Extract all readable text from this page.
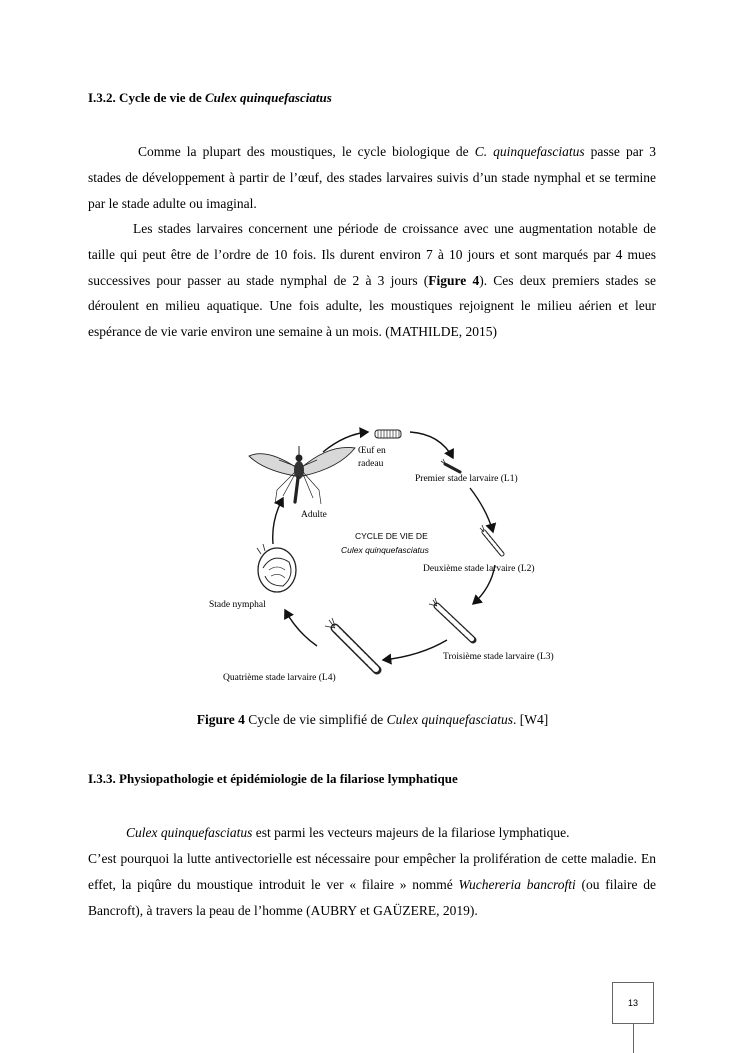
I.3.2. Cycle de vie de Culex quinquefasciatus

Comme la plupart des moustiques, le cycle biologique de C. quinquefasciatus passe par 3 stades de développement à partir de l’œuf, des stades larvaires suivis d’un stade nymphal et se termine par le stade adulte ou imaginal.

Les stades larvaires concernent une période de croissance avec une augmentation notable de taille qui peut être de l’ordre de 10 fois. Ils durent environ 7 à 10 jours et sont marqués par 4 mues successives pour passer au stade nymphal de 2 à 3 jours (Figure 4). Ces deux premiers stades se déroulent en milieu aquatique. Une fois adulte, les moustiques rejoignent le milieu aérien et leur espérance de vie varie environ une semaine à un mois. (MATHILDE, 2015)

CYCLE DE VIE DE
Culex quinquefasciatus
Œuf en
radeau
Premier stade larvaire (L1)
Deuxième stade larvaire (L2)
Troisième stade larvaire (L3)
Quatrième stade larvaire (L4)
Stade nymphal
Adulte

Figure 4 Cycle de vie simplifié de Culex quinquefasciatus. [W4]

I.3.3. Physiopathologie et épidémiologie de la filariose lymphatique

Culex quinquefasciatus est parmi les vecteurs majeurs de la filariose lymphatique.

C’est pourquoi la lutte antivectorielle est nécessaire pour empêcher la prolifération de cette maladie. En effet, la piqûre du moustique introduit le ver « filaire » nommé Wuchereria bancrofti (ou filaire de Bancroft), à travers la peau de l’homme (AUBRY et GAÜZERE, 2019).

13
